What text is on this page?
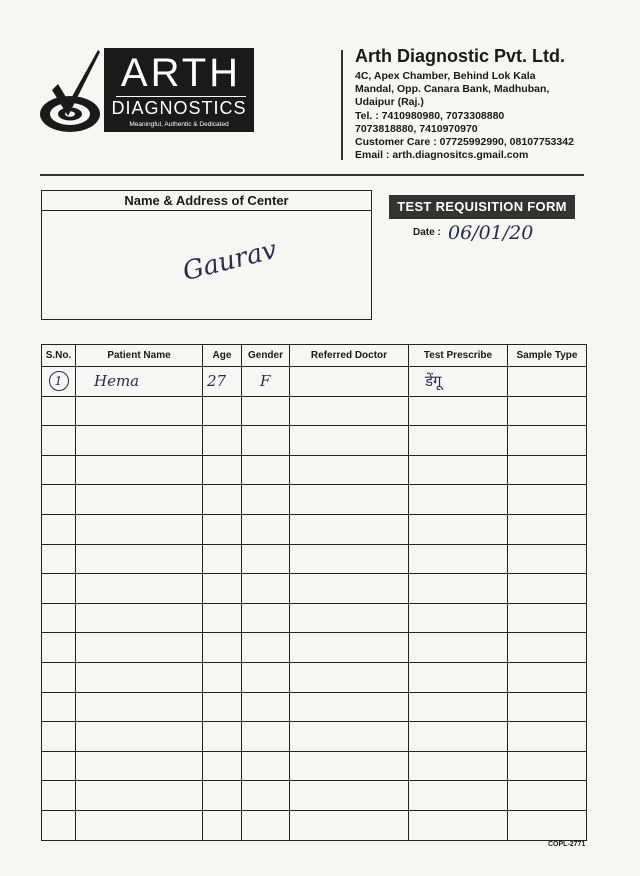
ARTH
DIAGNOSTICS
Meaningful, Authentic & Dedicated
Arth Diagnostic Pvt. Ltd.
4C, Apex Chamber, Behind Lok Kala
Mandal, Opp. Canara Bank, Madhuban,
Udaipur (Raj.)
Tel. : 7410980980, 7073308880
7073818880, 7410970970
Customer Care : 07725992990, 08107753342
Email : arth.diagnositcs.gmail.com
Name & Address of Center
Gaurav
TEST REQUISITION FORM
Date : 06/01/20
S.No.	Patient Name	Age	Gender	Referred Doctor	Test Prescribe	Sample Type
1	Hema	27	F		डेंगू	

COPL-2771
